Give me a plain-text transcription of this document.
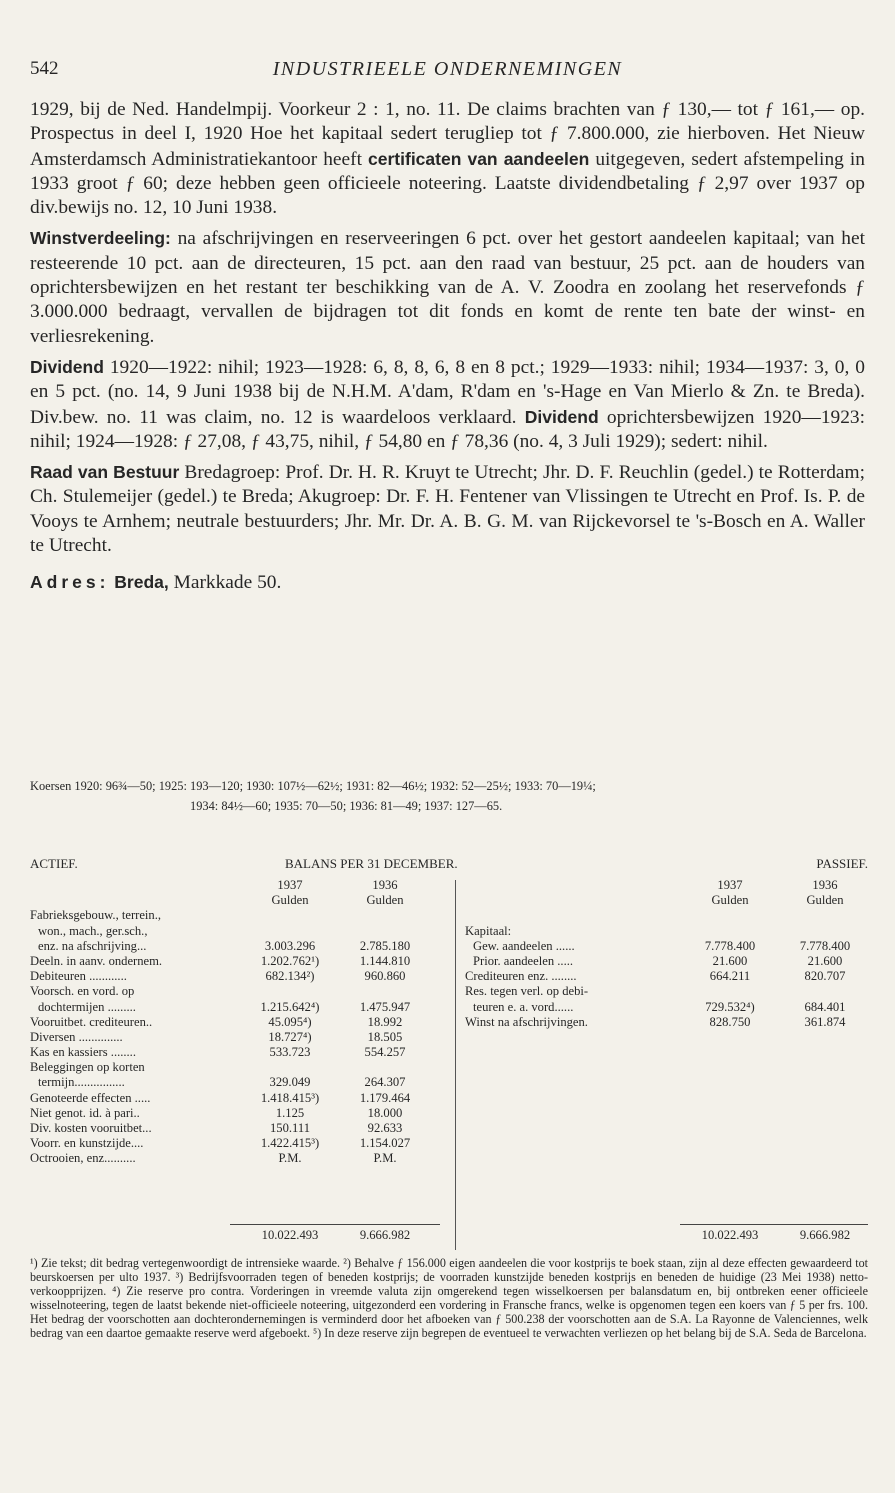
542	INDUSTRIEELE ONDERNEMINGEN

1929, bij de Ned. Handelmpij. Voorkeur 2 : 1, no. 11. De claims brachten van ƒ 130,— tot ƒ 161,— op. Prospectus in deel I, 1920 Hoe het kapitaal sedert terugliep tot ƒ 7.800.000, zie hierboven. Het Nieuw Amsterdamsch Administratiekantoor heeft certificaten van aandeelen uitgegeven, sedert afstempeling in 1933 groot ƒ 60; deze hebben geen officieele noteering. Laatste dividendbetaling ƒ 2,97 over 1937 op div.bewijs no. 12, 10 Juni 1938.

Winstverdeeling: na afschrijvingen en reserveeringen 6 pct. over het gestort aandeelen kapitaal; van het resteerende 10 pct. aan de directeuren, 15 pct. aan den raad van bestuur, 25 pct. aan de houders van oprichtersbewijzen en het restant ter beschikking van de A. V. Zoodra en zoolang het reservefonds ƒ 3.000.000 bedraagt, vervallen de bijdragen tot dit fonds en komt de rente ten bate der winst- en verliesrekening.

Dividend 1920—1922: nihil; 1923—1928: 6, 8, 8, 6, 8 en 8 pct.; 1929—1933: nihil; 1934—1937: 3, 0, 0 en 5 pct. (no. 14, 9 Juni 1938 bij de N.H.M. A'dam, R'dam en 's-Hage en Van Mierlo & Zn. te Breda). Div.bew. no. 11 was claim, no. 12 is waardeloos verklaard. Dividend oprichtersbewijzen 1920—1923: nihil; 1924—1928: ƒ 27,08, ƒ 43,75, nihil, ƒ 54,80 en ƒ 78,36 (no. 4, 3 Juli 1929); sedert: nihil.

Raad van Bestuur Bredagroep: Prof. Dr. H. R. Kruyt te Utrecht; Jhr. D. F. Reuchlin (gedel.) te Rotterdam; Ch. Stulemeijer (gedel.) te Breda; Akugroep: Dr. F. H. Fentener van Vlissingen te Utrecht en Prof. Is. P. de Vooys te Arnhem; neutrale bestuurders; Jhr. Mr. Dr. A. B. G. M. van Rijckevorsel te 's-Bosch en A. Waller te Utrecht.

Adres: Breda, Markkade 50.

Koersen 1920: 96¾—50; 1925: 193—120; 1930: 107½—62½; 1931: 82—46½; 1932: 52—25½; 1933: 70—19¼;
1934: 84½—60; 1935: 70—50; 1936: 81—49; 1937: 127—65.
ACTIEF.	BALANS PER 31 DECEMBER.	PASSIEF.
1937	1936
Gulden	Gulden
Fabrieksgebouw., terrein.,
won., mach., ger.sch.,
enz. na afschrijving...	3.003.296	2.785.180
Deeln. in aanv. ondernem.	1.202.762¹)	1.144.810
Debiteuren ............	682.134²)	960.860
Voorsch. en vord. op
dochtermijen .........	1.215.642⁴)	1.475.947
Vooruitbet. crediteuren..	45.095⁴)	18.992
Diversen ..............	18.727⁴)	18.505
Kas en kassiers ........	533.723	554.257
Beleggingen op korten
termijn................	329.049	264.307
Genoteerde effecten .....	1.418.415³)	1.179.464
Niet genot. id. à pari..	1.125	18.000
Div. kosten vooruitbet...	150.111	92.633
Voorr. en kunstzijde....	1.422.415³)	1.154.027
Octrooien, enz..........	P.M.	P.M.
1937	1936
Gulden	Gulden
Kapitaal:
Gew. aandeelen ......	7.778.400	7.778.400
Prior. aandeelen .....	21.600	21.600
Crediteuren enz. ........	664.211	820.707
Res. tegen verl. op debi-
teuren e. a. vord......	729.532⁴)	684.401
Winst na afschrijvingen.	828.750	361.874
10.022.493	9.666.982	10.022.493	9.666.982

¹) Zie tekst; dit bedrag vertegenwoordigt de intrensieke waarde. ²) Behalve ƒ 156.000 eigen aandeelen die voor kostprijs te boek staan, zijn al deze effecten gewaardeerd tot beurskoersen per ulto 1937. ³) Bedrijfsvoorraden tegen of beneden kostprijs; de voorraden kunstzijde beneden kostprijs en beneden de huidige (23 Mei 1938) netto-verkoopprijzen. ⁴) Zie reserve pro contra. Vorderingen in vreemde valuta zijn omgerekend tegen wisselkoersen per balansdatum en, bij ontbreken eener officieele wisselnoteering, tegen de laatst bekende niet-officieele noteering, uitgezonderd een vordering in Fransche francs, welke is opgenomen tegen een koers van ƒ 5 per frs. 100. Het bedrag der voorschotten aan dochterondernemingen is verminderd door het afboeken van ƒ 500.238 der voorschotten aan de S.A. La Rayonne de Valenciennes, welk bedrag van een daartoe gemaakte reserve werd afgeboekt. ⁵) In deze reserve zijn begrepen de eventueel te verwachten verliezen op het belang bij de S.A. Seda de Barcelona.
